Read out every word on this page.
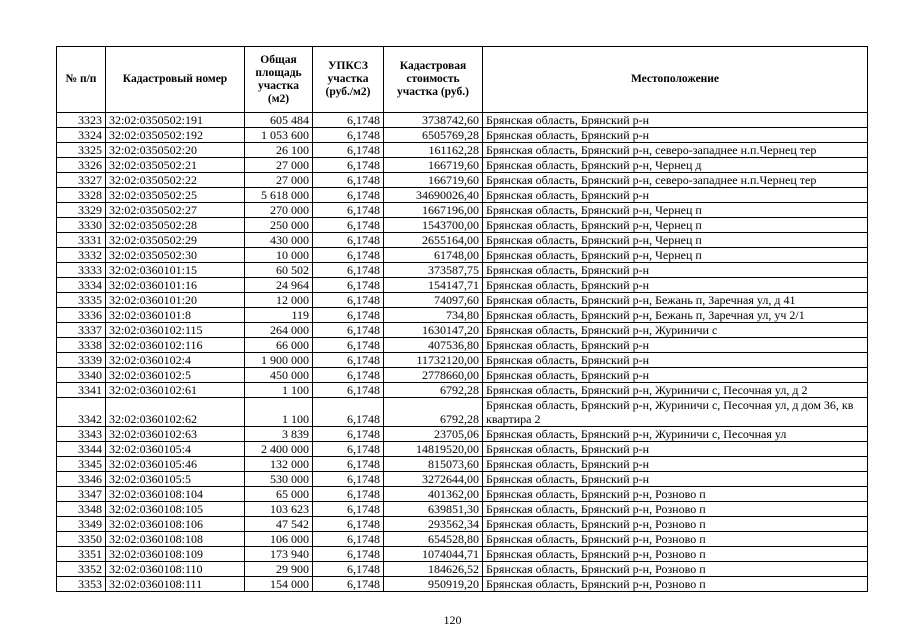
№ п/п	Кадастровый номер	Общая площадь участка (м2)	УПКСЗ участка (руб./м2)	Кадастровая стоимость участка (руб.)	Местоположение
3323	32:02:0350502:191	605 484	6,1748	3738742,60	Брянская область, Брянский р-н
3324	32:02:0350502:192	1 053 600	6,1748	6505769,28	Брянская область, Брянский р-н
3325	32:02:0350502:20	26 100	6,1748	161162,28	Брянская область, Брянский р-н, северо-западнее н.п.Чернец тер
3326	32:02:0350502:21	27 000	6,1748	166719,60	Брянская область, Брянский р-н, Чернец д
3327	32:02:0350502:22	27 000	6,1748	166719,60	Брянская область, Брянский р-н, северо-западнее н.п.Чернец тер
3328	32:02:0350502:25	5 618 000	6,1748	34690026,40	Брянская область, Брянский р-н
3329	32:02:0350502:27	270 000	6,1748	1667196,00	Брянская область, Брянский р-н, Чернец п
3330	32:02:0350502:28	250 000	6,1748	1543700,00	Брянская область, Брянский р-н, Чернец п
3331	32:02:0350502:29	430 000	6,1748	2655164,00	Брянская область, Брянский р-н, Чернец п
3332	32:02:0350502:30	10 000	6,1748	61748,00	Брянская область, Брянский р-н, Чернец п
3333	32:02:0360101:15	60 502	6,1748	373587,75	Брянская область, Брянский р-н
3334	32:02:0360101:16	24 964	6,1748	154147,71	Брянская область, Брянский р-н
3335	32:02:0360101:20	12 000	6,1748	74097,60	Брянская область, Брянский р-н, Бежань п, Заречная ул, д 41
3336	32:02:0360101:8	119	6,1748	734,80	Брянская область, Брянский р-н, Бежань п, Заречная ул, уч 2/1
3337	32:02:0360102:115	264 000	6,1748	1630147,20	Брянская область, Брянский р-н, Журиничи с
3338	32:02:0360102:116	66 000	6,1748	407536,80	Брянская область, Брянский р-н
3339	32:02:0360102:4	1 900 000	6,1748	11732120,00	Брянская область, Брянский р-н
3340	32:02:0360102:5	450 000	6,1748	2778660,00	Брянская область, Брянский р-н
3341	32:02:0360102:61	1 100	6,1748	6792,28	Брянская область, Брянский р-н, Журиничи с, Песочная ул, д 2
3342	32:02:0360102:62	1 100	6,1748	6792,28	Брянская область, Брянский р-н, Журиничи с, Песочная ул, д дом 36, кв квартира 2
3343	32:02:0360102:63	3 839	6,1748	23705,06	Брянская область, Брянский р-н, Журиничи с, Песочная ул
3344	32:02:0360105:4	2 400 000	6,1748	14819520,00	Брянская область, Брянский р-н
3345	32:02:0360105:46	132 000	6,1748	815073,60	Брянская область, Брянский р-н
3346	32:02:0360105:5	530 000	6,1748	3272644,00	Брянская область, Брянский р-н
3347	32:02:0360108:104	65 000	6,1748	401362,00	Брянская область, Брянский р-н, Розново п
3348	32:02:0360108:105	103 623	6,1748	639851,30	Брянская область, Брянский р-н, Розново п
3349	32:02:0360108:106	47 542	6,1748	293562,34	Брянская область, Брянский р-н, Розново п
3350	32:02:0360108:108	106 000	6,1748	654528,80	Брянская область, Брянский р-н, Розново п
3351	32:02:0360108:109	173 940	6,1748	1074044,71	Брянская область, Брянский р-н, Розново п
3352	32:02:0360108:110	29 900	6,1748	184626,52	Брянская область, Брянский р-н, Розново п
3353	32:02:0360108:111	154 000	6,1748	950919,20	Брянская область, Брянский р-н, Розново п
120
